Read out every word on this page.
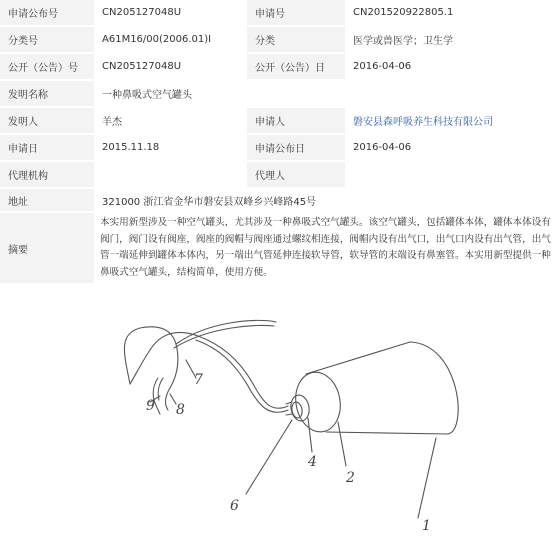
申请公布号	CN205127048U	申请号	CN201520922805.1
分类号	A61M16/00(2006.01)I	分类	医学或兽医学；卫生学
公开（公告）号	CN205127048U	公开（公告）日	2016-04-06
发明名称	一种鼻吸式空气罐头		
发明人	羊杰	申请人	磐安县森呼吸养生科技有限公司
申请日	2015.11.18	申请公布日	2016-04-06
代理机构		代理人	
地址	321000 浙江省金华市磐安县双峰乡兴峰路45号		
摘要	本实用新型涉及一种空气罐头，尤其涉及一种鼻吸式空气罐头。该空气罐头，包括罐体本体，罐体本体设有阀门，阀门设有阀座，阀座的阀帽与阀座通过螺纹相连接，阀帽内设有出气口，出气口内设有出气管，出气管一端延伸到罐体本体内，另一端出气管延伸连接软导管，软导管的末端设有鼻塞管。本实用新型提供一种鼻吸式空气罐头，结构简单，使用方便。		
1
2
4
6
7
8
9
